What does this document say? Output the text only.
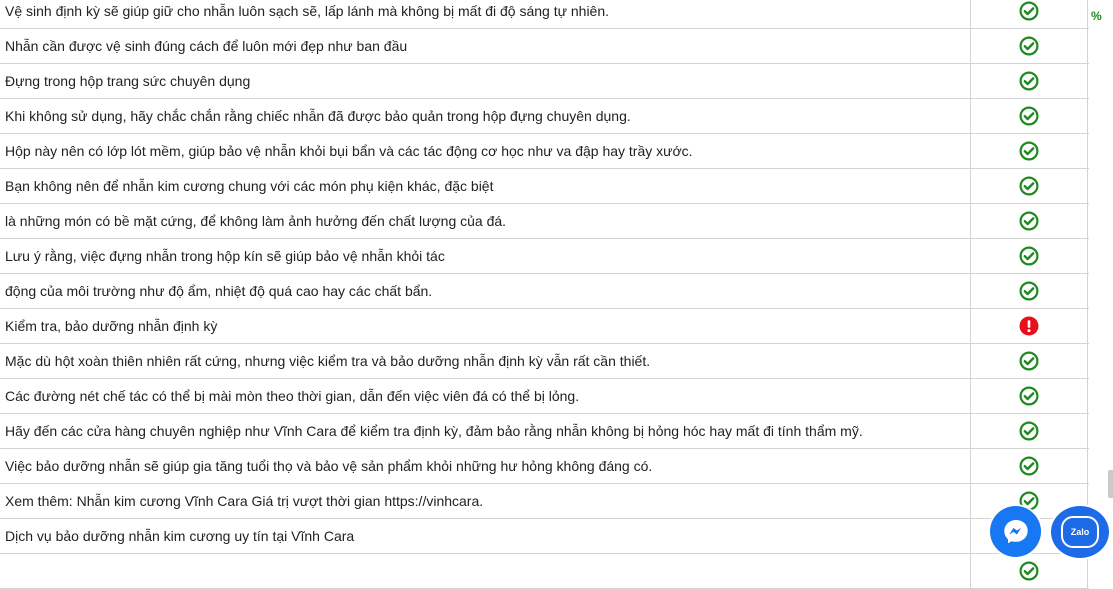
Vệ sinh định kỳ sẽ giúp giữ cho nhẫn luôn sạch sẽ, lấp lánh mà không bị mất đi độ sáng tự nhiên.
Nhẫn cần được vệ sinh đúng cách để luôn mới đẹp như ban đầu
Đựng trong hộp trang sức chuyên dụng
Khi không sử dụng, hãy chắc chắn rằng chiếc nhẫn đã được bảo quản trong hộp đựng chuyên dụng.
Hộp này nên có lớp lót mềm, giúp bảo vệ nhẫn khỏi bụi bẩn và các tác động cơ học như va đập hay trầy xước.
Bạn không nên để nhẫn kim cương chung với các món phụ kiện khác, đặc biệt
là những món có bề mặt cứng, để không làm ảnh hưởng đến chất lượng của đá.
Lưu ý rằng, việc đựng nhẫn trong hộp kín sẽ giúp bảo vệ nhẫn khỏi tác
động của môi trường như độ ẩm, nhiệt độ quá cao hay các chất bẩn.
Kiểm tra, bảo dưỡng nhẫn định kỳ
Mặc dù hột xoàn thiên nhiên rất cứng, nhưng việc kiểm tra và bảo dưỡng nhẫn định kỳ vẫn rất cần thiết.
Các đường nét chế tác có thể bị mài mòn theo thời gian, dẫn đến việc viên đá có thể bị lỏng.
Hãy đến các cửa hàng chuyên nghiệp như Vĩnh Cara để kiểm tra định kỳ, đảm bảo rằng nhẫn không bị hỏng hóc hay mất đi tính thẩm mỹ.
Việc bảo dưỡng nhẫn sẽ giúp gia tăng tuổi thọ và bảo vệ sản phẩm khỏi những hư hỏng không đáng có.
Xem thêm: Nhẫn kim cương Vĩnh Cara Giá trị vượt thời gian https://vinhcara.
Dịch vụ bảo dưỡng nhẫn kim cương uy tín tại Vĩnh Cara
%
Zalo
